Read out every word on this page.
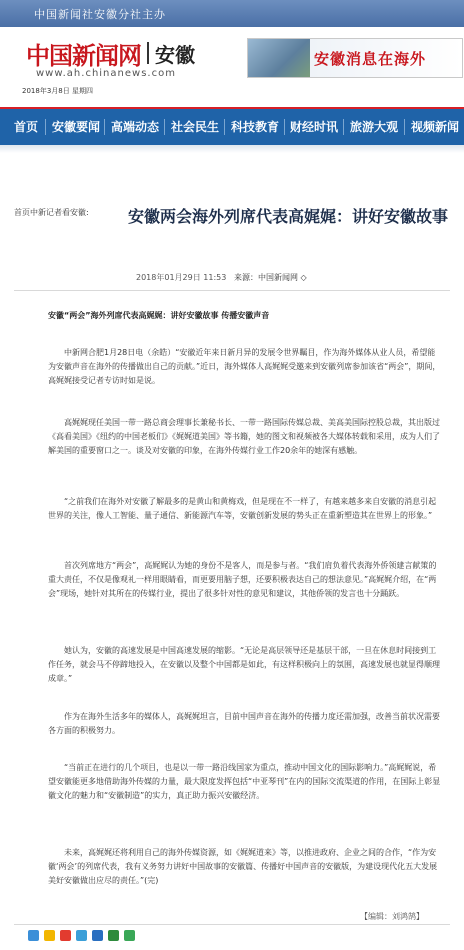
中国新闻社安徽分社主办
中国新闻网 安徽
www.ah.chinanews.com
2018年3月8日 星期四
安徽消息在海外
首页 安徽要闻 高端动态 社会民生 科技教育 财经时讯 旅游大观 视频新闻
首页中新记者看安徽: 安徽两会海外列席代表高娓娓：讲好安徽故事
2018年01月29日 11:53 来源：中国新闻网 ◇
安徽“两会”海外列席代表高娓娓：讲好安徽故事 传播安徽声音
中新网合肥1月28日电（余皓）“安徽近年来日新月异的发展令世界瞩目，作为海外媒体从业人员，希望能为安徽声音在海外的传播做出自己的贡献。”近日，海外媒体人高娓娓受邀来到安徽列席参加该省“两会”，期间，高娓娓接受记者专访时如是说。
高娓娓现任美国一带一路总商会理事长兼秘书长、一带一路国际传媒总裁、美高美国际控股总裁，其出版过《高看美国》《纽约的中国老板们》《娓娓道美国》等书籍，她的图文和视频被各大媒体转载和采用，成为人们了解美国的重要窗口之一。谈及对安徽的印象，在海外传媒行业工作20余年的她深有感触。
“之前我们在海外对安徽了解最多的是黄山和黄梅戏，但是现在不一样了，有越来越多来自安徽的消息引起世界的关注，像人工智能、量子通信、新能源汽车等，安徽创新发展的势头正在重新塑造其在世界上的形象。”
首次列席地方“两会”，高娓娓认为她的身份不是客人，而是参与者。“我们肩负着代表海外侨领建言献策的重大责任，不仅是像观礼一样用眼睛看，而更要用脑子想，还要积极表达自己的想法意见。”高娓娓介绍，在“两会”现场，她针对其所在的传媒行业，提出了很多针对性的意见和建议，其他侨领的发言也十分踊跃。
她认为，安徽的高速发展是中国高速发展的缩影。“无论是高层领导还是基层干部，一旦在休息时间接到工作任务，就会马不停蹄地投入，在安徽以及整个中国都是如此，有这样积极向上的氛围，高速发展也就显得顺理成章。”
作为在海外生活多年的媒体人，高娓娓坦言，目前中国声音在海外的传播力度还需加强，改善当前状况需要各方面的积极努力。
“当前正在进行的几个项目，也是以一带一路沿线国家为重点，推动中国文化的国际影响力。”高娓娓说，希望安徽能更多地借助海外传媒的力量，最大限度发挥包括“中亚琴刊”在内的国际交流渠道的作用，在国际上彰显徽文化的魅力和“安徽制造”的实力，真正助力振兴安徽经济。
未来，高娓娓还将利用自己的海外传媒资源，如《娓娓道来》等，以推进政府、企业之间的合作，“作为安徽‘两会’的列席代表，我有义务努力讲好中国故事的安徽篇、传播好中国声音的安徽版，为建设现代化五大发展美好安徽做出应尽的责任。”(完)
【编辑：刘鸿鹄】
